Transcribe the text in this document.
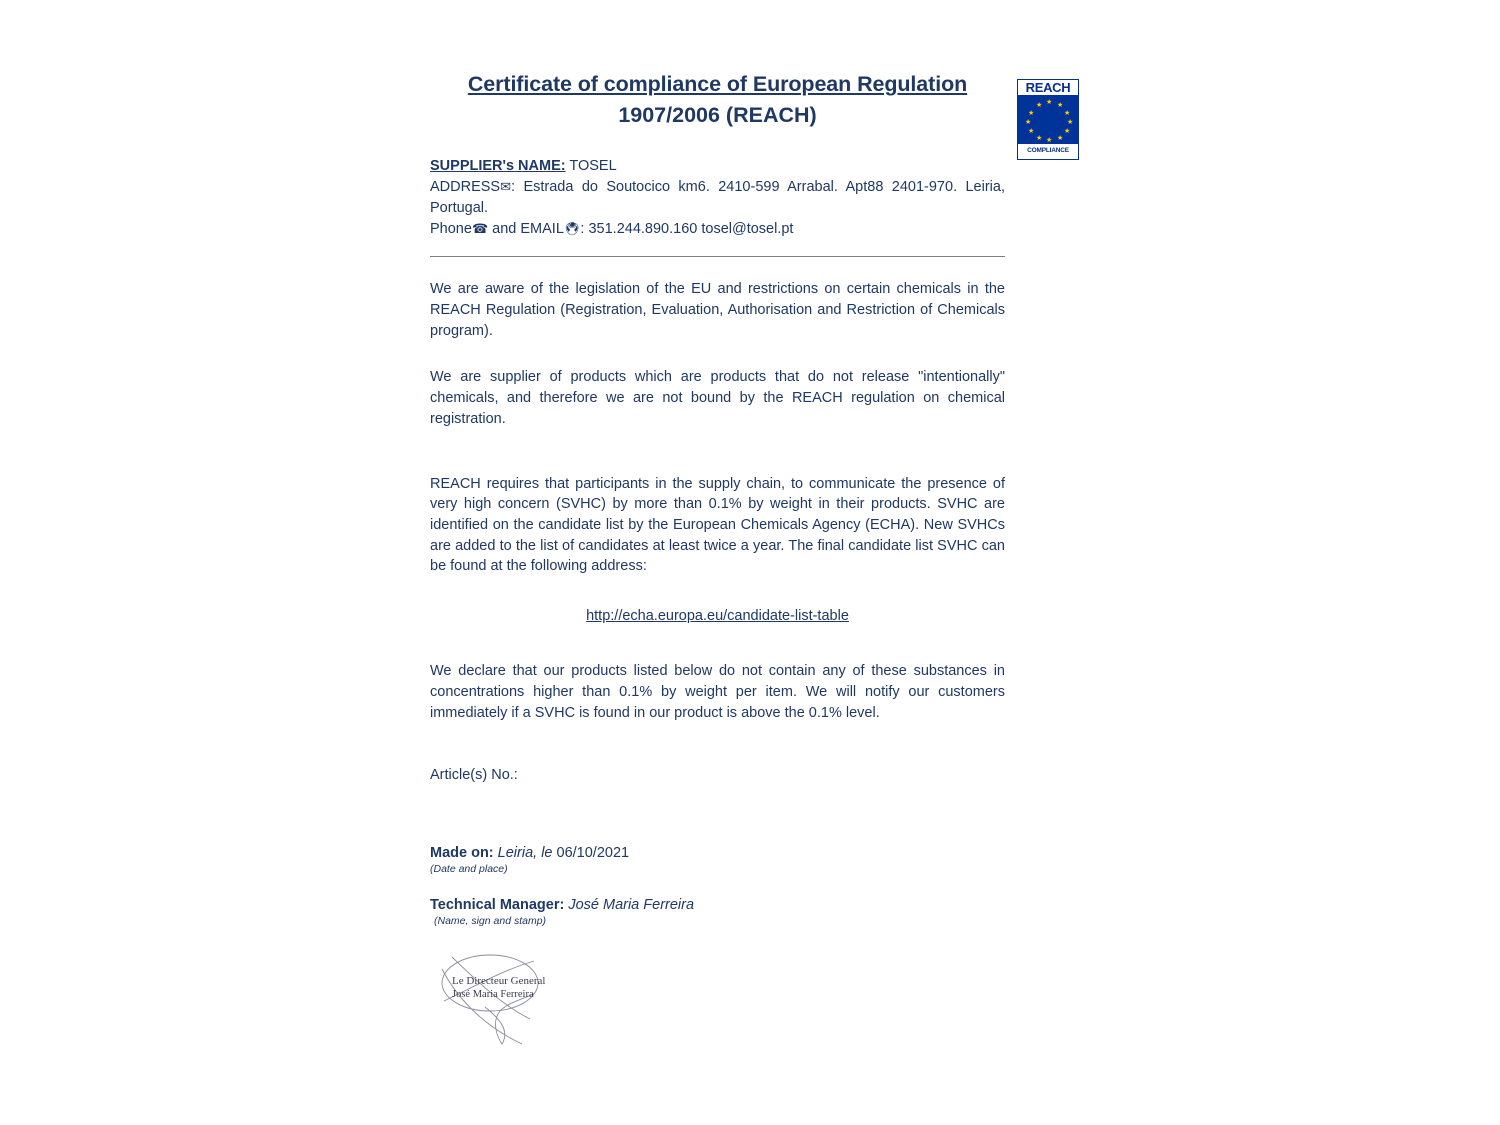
REACH
★ ★
★
★
★
★
★
★
★
★
★
★
COMPLIANCE
Certificate of compliance of European Regulation
1907/2006 (REACH)
SUPPLIER's NAME: TOSEL
ADDRESS✉: Estrada do Soutocico km6. 2410-599 Arrabal. Apt88 2401-970. Leiria, Portugal.
Phone☎ and EMAIL🖲: 351.244.890.160 tosel@tosel.pt
We are aware of the legislation of the EU and restrictions on certain chemicals in the REACH Regulation (Registration, Evaluation, Authorisation and Restriction of Chemicals program).
We are supplier of products which are products that do not release "intentionally" chemicals, and therefore we are not bound by the REACH regulation on chemical registration.
REACH requires that participants in the supply chain, to communicate the presence of very high concern (SVHC) by more than 0.1% by weight in their products. SVHC are identified on the candidate list by the European Chemicals Agency (ECHA). New SVHCs are added to the list of candidates at least twice a year. The final candidate list SVHC can be found at the following address:
http://echa.europa.eu/candidate-list-table
We declare that our products listed below do not contain any of these substances in concentrations higher than 0.1% by weight per item. We will notify our customers immediately if a SVHC is found in our product is above the 0.1% level.
Article(s) No.:
Made on: Leiria, le 06/10/2021
(Date and place)
Technical Manager: José Maria Ferreira
(Name, sign and stamp)
Le Directeur General
José Maria Ferreira
